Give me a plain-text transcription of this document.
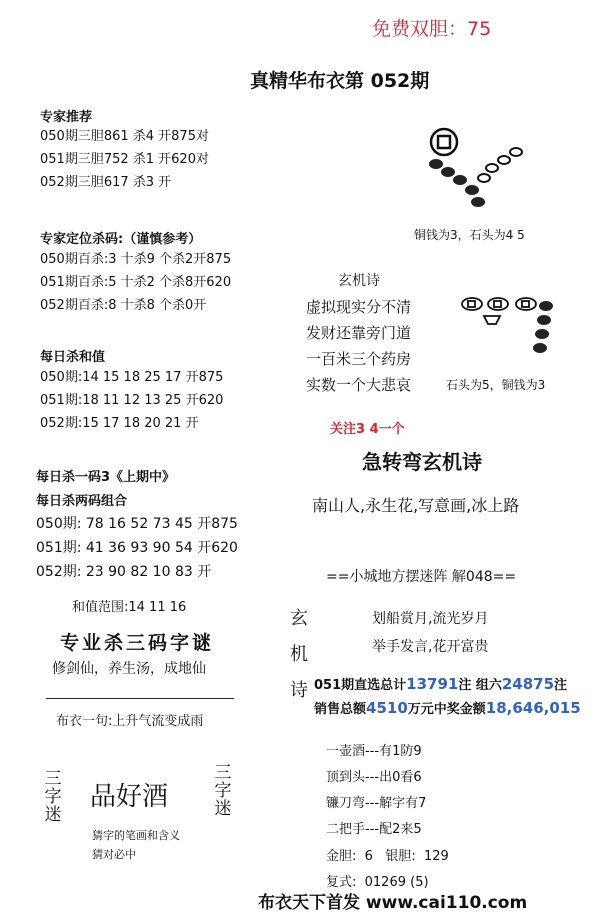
免费双胆：75
真精华布衣第 052期
专家推荐
050期三胆861 杀4 开875对
051期三胆752 杀1 开620对
052期三胆617 杀3 开
专家定位杀码:（谨慎参考）
050期百杀:3 十杀9 个杀2开875
051期百杀:5 十杀2 个杀8开620
052期百杀:8 十杀8 个杀0开
每日杀和值
050期:14 15 18 25 17 开875
051期:18 11 12 13 25 开620
052期:15 17 18 20 21 开
每日杀一码3《上期中》
每日杀两码组合
050期: 78 16 52 73 45 开875
051期: 41 36 93 90 54 开620
052期: 23 90 82 10 83 开
和值范围:14 11 16
专业杀三码字谜
修剑仙，养生汤，成地仙
布衣一句:上升气流变成雨
三字迷
品好酒
三字迷
猜字的笔画和含义
猜对必中
铜钱为3，石头为4 5
玄机诗
虚拟现实分不清
发财还靠旁门道
一百米三个药房
实数一个大悲哀	石头为5，铜钱为3
关注3 4一个
急转弯玄机诗
南山人,永生花,写意画,冰上路
==小城地方摆迷阵 解048==
玄
机
诗
划船赏月,流光岁月
举手发言,花开富贵
051期直选总计13791注 组六24875注
销售总额4510万元中奖金额18,646,015
一壶酒---有1防9
顶到头---出0看6
镰刀弯---解字有7
二把手---配2来5
金胆:  6   银胆:  129
复式:  01269 (5)
布衣天下首发 www.cai110.com
